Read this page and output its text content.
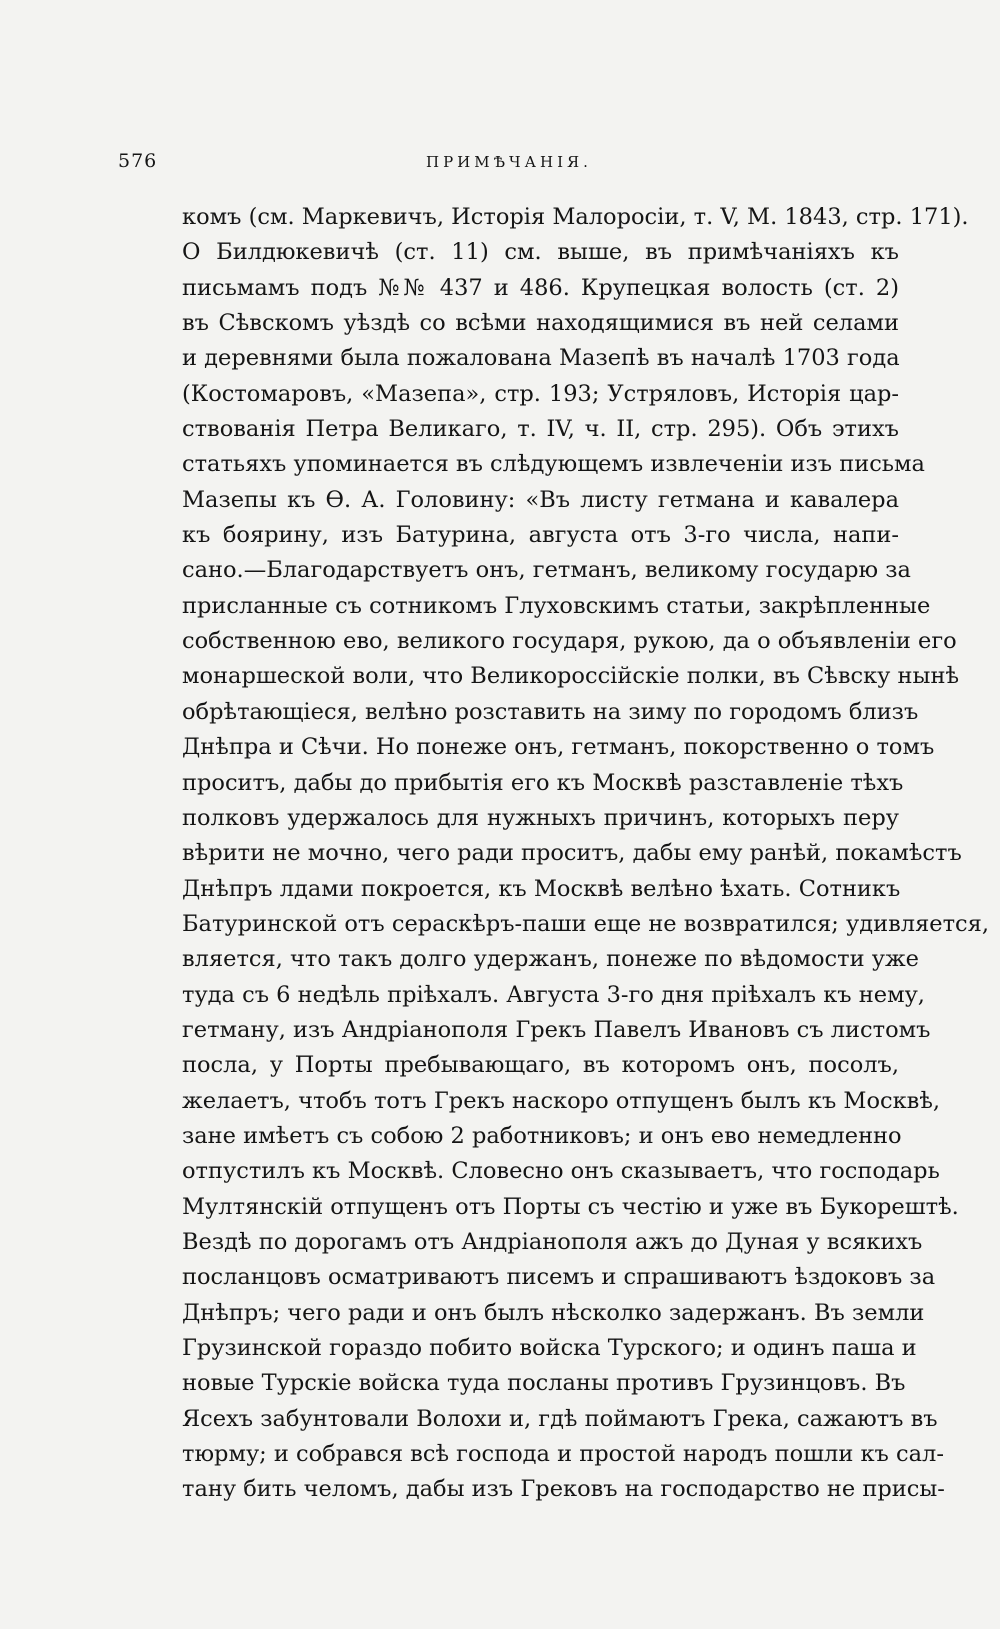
576	ПРИМѢЧАНІЯ.
комъ (см. Маркевичъ, Исторія Малоросіи, т. V, М. 1843, стр. 171).
О Билдюкевичѣ (ст. 11) см. выше, въ примѣчаніяхъ къ
письмамъ подъ №№ 437 и 486. Крупецкая волость (ст. 2)
въ Сѣвскомъ уѣздѣ со всѣми находящимися въ ней селами
и деревнями была пожалована Мазепѣ въ началѣ 1703 года
(Костомаровъ, «Мазепа», стр. 193; Устряловъ, Исторія цар-
ствованія Петра Великаго, т. IV, ч. II, стр. 295). Объ этихъ
статьяхъ упоминается въ слѣдующемъ извлеченіи изъ письма
Мазепы къ Ѳ. А. Головину: «Въ листу гетмана и кавалера
къ боярину, изъ Батурина, августа отъ 3-го числа, напи-
сано.—Благодарствуетъ онъ, гетманъ, великому государю за
присланные съ сотникомъ Глуховскимъ статьи, закрѣпленные
собственною ево, великого государя, рукою, да о объявленіи его
монаршеской воли, что Великороссійскіе полки, въ Сѣвску нынѣ
обрѣтающіеся, велѣно розставить на зиму по городомъ близъ
Днѣпра и Сѣчи. Но понеже онъ, гетманъ, покорственно о томъ
проситъ, дабы до прибытія его къ Москвѣ разставленіе тѣхъ
полковъ удержалось для нужныхъ причинъ, которыхъ перу
вѣрити не мочно, чего ради проситъ, дабы ему ранѣй, покамѣстъ
Днѣпръ лдами покроется, къ Москвѣ велѣно ѣхать. Сотникъ
Батуринской отъ сераскѣръ-паши еще не возвратился; удивляется,
вляется, что такъ долго удержанъ, понеже по вѣдомости уже
туда съ 6 недѣль пріѣхалъ. Августа 3-го дня пріѣхалъ къ нему,
гетману, изъ Андріанополя Грекъ Павелъ Ивановъ съ листомъ
посла, у Порты пребывающаго, въ которомъ онъ, посолъ,
желаетъ, чтобъ тотъ Грекъ наскоро отпущенъ былъ къ Москвѣ,
зане имѣетъ съ собою 2 работниковъ; и онъ ево немедленно
отпустилъ къ Москвѣ. Словесно онъ сказываетъ, что господарь
Мултянскій отпущенъ отъ Порты съ честію и уже въ Букорештѣ.
Вездѣ по дорогамъ отъ Андріанополя ажъ до Дуная у всякихъ
посланцовъ осматриваютъ писемъ и спрашиваютъ ѣздоковъ за
Днѣпръ; чего ради и онъ былъ нѣсколко задержанъ. Въ земли
Грузинской гораздо побито войска Турского; и одинъ паша и
новые Турскіе войска туда посланы противъ Грузинцовъ. Въ
Ясехъ забунтовали Волохи и, гдѣ поймаютъ Грека, сажаютъ въ
тюрму; и собрався всѣ господа и простой народъ пошли къ сал-
тану бить челомъ, дабы изъ Грековъ на господарство не присы-
